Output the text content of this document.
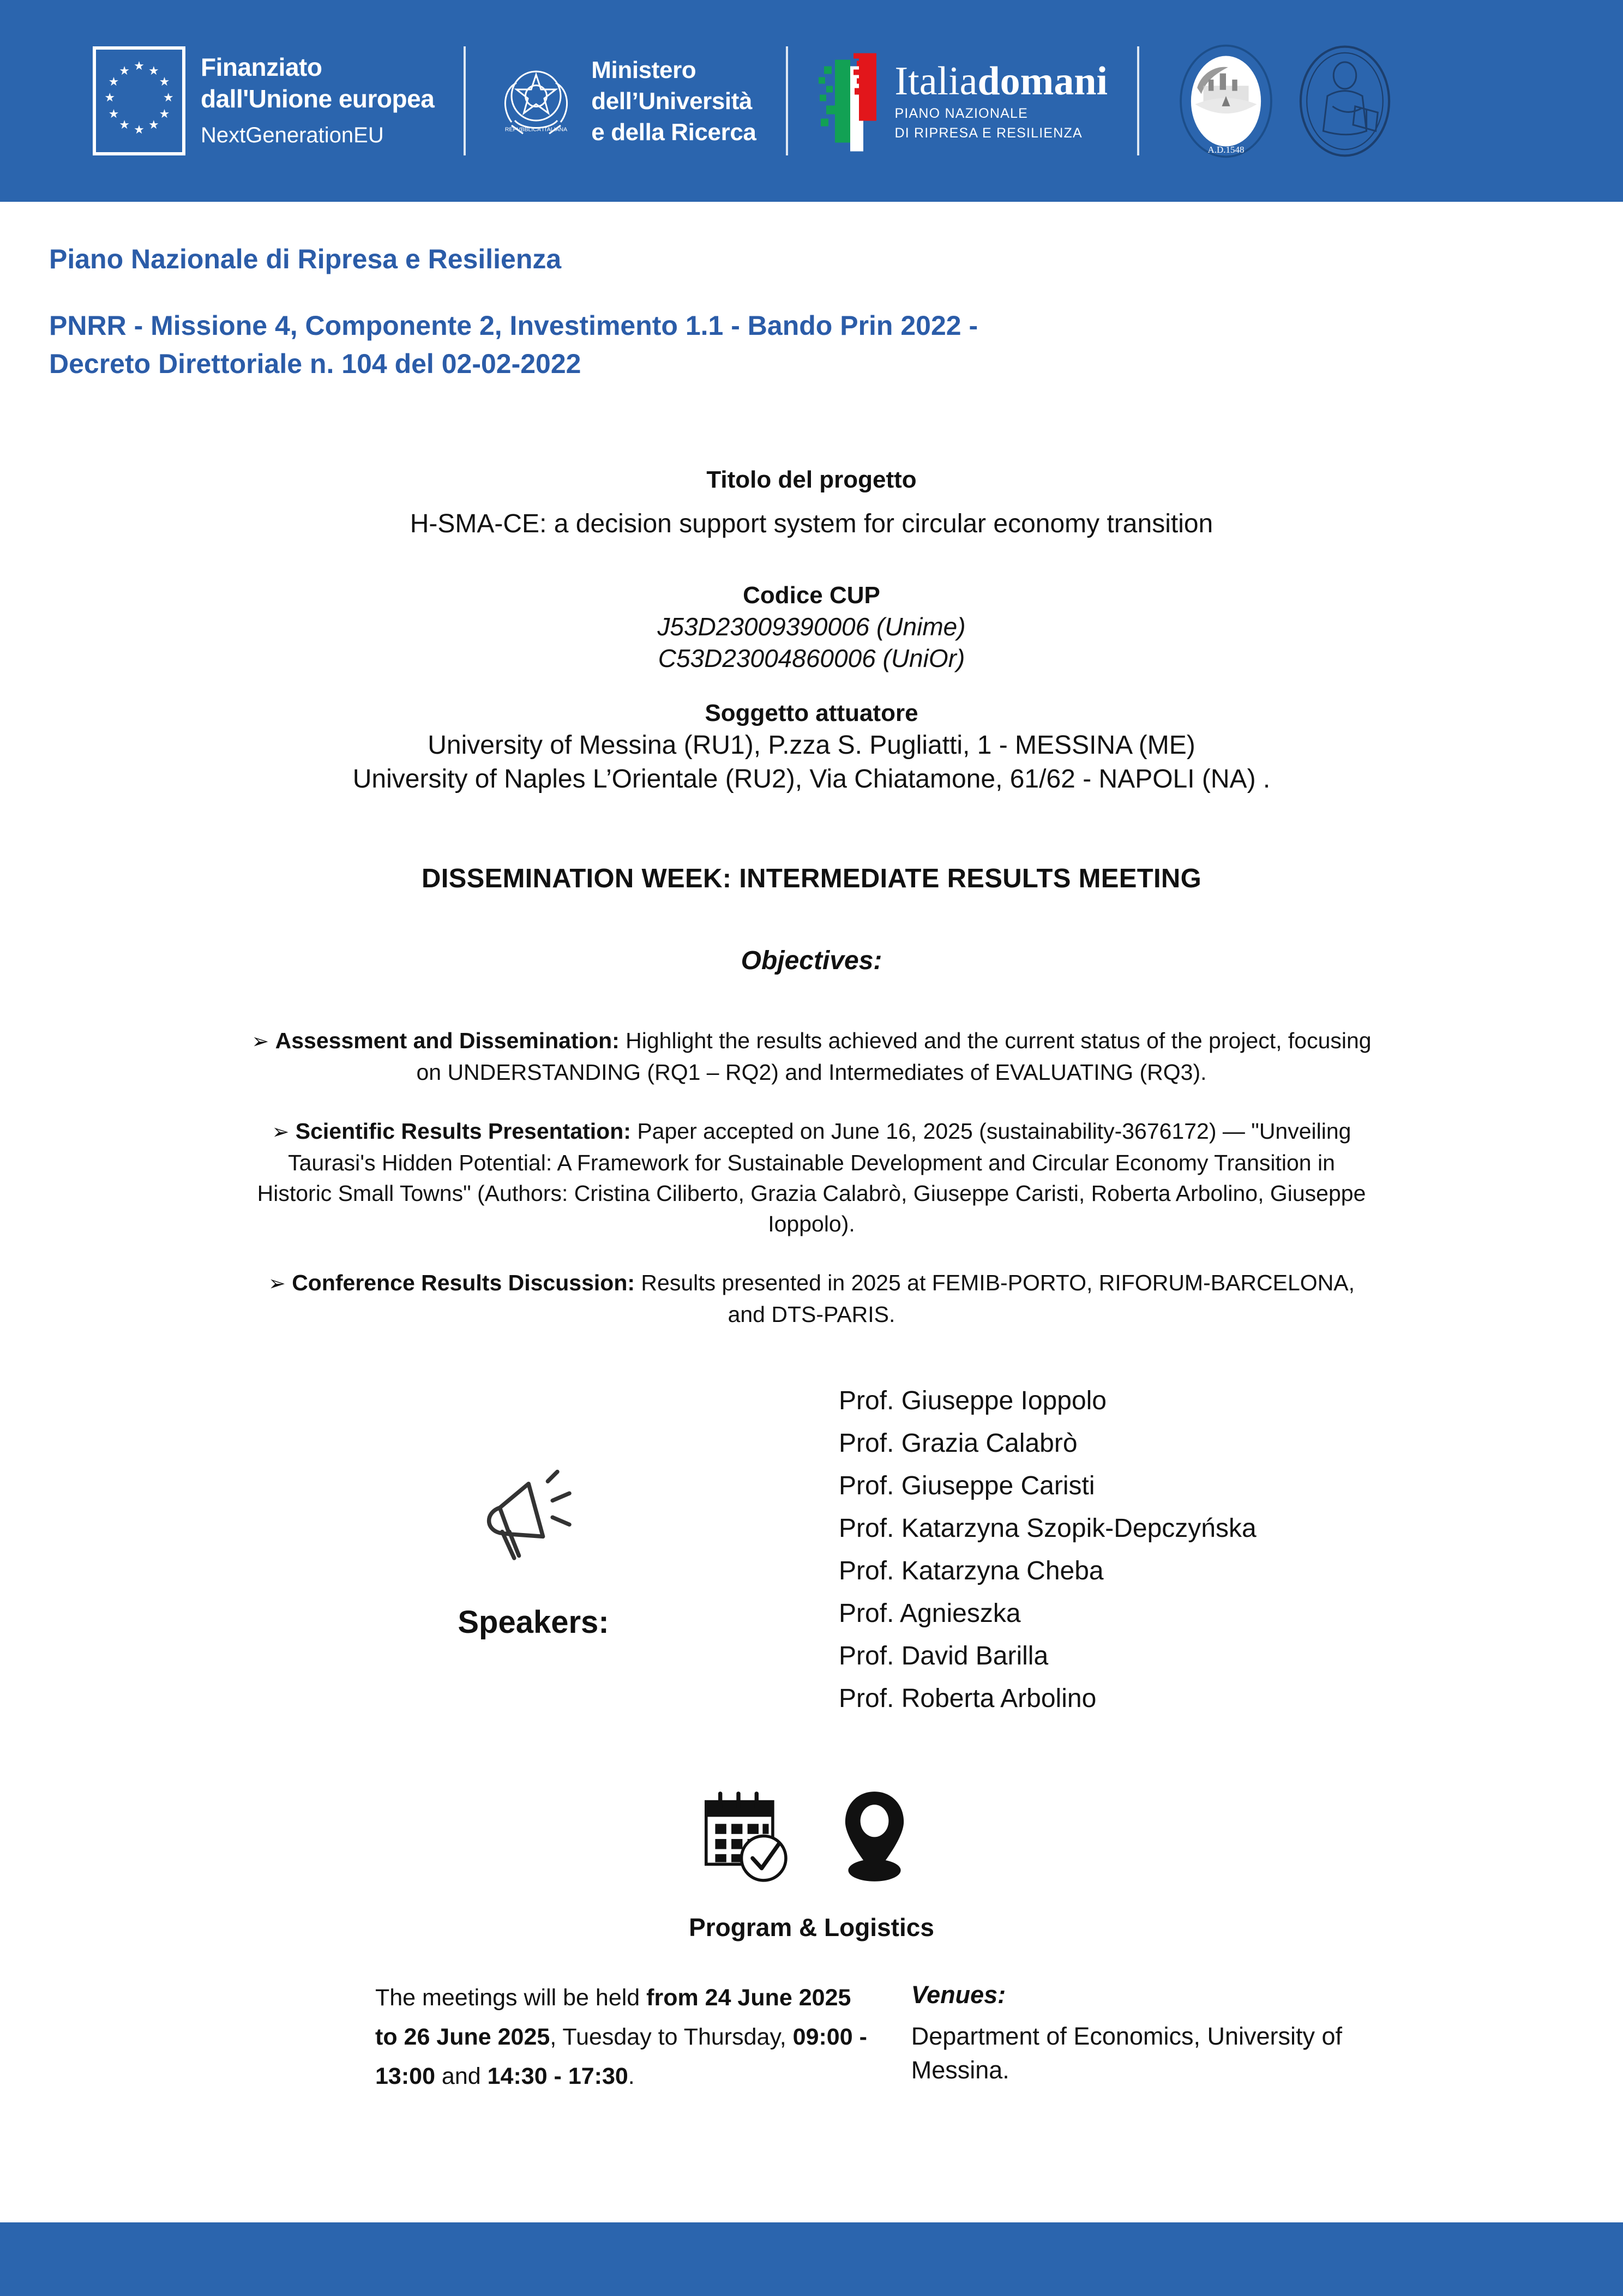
★ ★
★
★
★
★
★
★
★
★
★
★	Finanziato
dall'Unione europea
NextGenerationEU	REPVBBLICA ITALIANA
Ministero
dell’Università
e della Ricerca
Italiadomani
PIANO NAZIONALE
DI RIPRESA E RESILIENZA
A.D.1548
Piano Nazionale di Ripresa e Resilienza
PNRR - Missione 4, Componente 2, Investimento 1.1 - Bando Prin 2022 -
Decreto Direttoriale n. 104 del 02-02-2022
Titolo del progetto
H-SMA-CE: a decision support system for circular economy transition
Codice CUP
J53D23009390006 (Unime)
C53D23004860006 (UniOr)
Soggetto attuatore
University of Messina (RU1), P.zza S. Pugliatti, 1 - MESSINA (ME)
University of Naples L’Orientale (RU2), Via Chiatamone, 61/62 - NAPOLI (NA) .
DISSEMINATION WEEK: INTERMEDIATE RESULTS MEETING
Objectives:
➢ Assessment and Dissemination: Highlight the results achieved and the current status of the project, focusing on UNDERSTANDING (RQ1 – RQ2) and Intermediates of EVALUATING (RQ3).
➢ Scientific Results Presentation: Paper accepted on June 16, 2025 (sustainability-3676172) — "Unveiling Taurasi's Hidden Potential: A Framework for Sustainable Development and Circular Economy Transition in Historic Small Towns" (Authors: Cristina Ciliberto, Grazia Calabrò, Giuseppe Caristi, Roberta Arbolino, Giuseppe Ioppolo).
➢ Conference Results Discussion: Results presented in 2025 at FEMIB-PORTO, RIFORUM-BARCELONA, and DTS-PARIS.
Speakers:
Prof. Giuseppe Ioppolo
Prof. Grazia Calabrò
Prof. Giuseppe Caristi
Prof. Katarzyna Szopik-Depczyńska
Prof. Katarzyna Cheba
Prof. Agnieszka
Prof. David Barilla
Prof. Roberta Arbolino
Program & Logistics
The meetings will be held from 24 June 2025 to 26 June 2025, Tuesday to Thursday, 09:00 - 13:00 and 14:30 - 17:30.
Venues:
Department of Economics, University of Messina.
